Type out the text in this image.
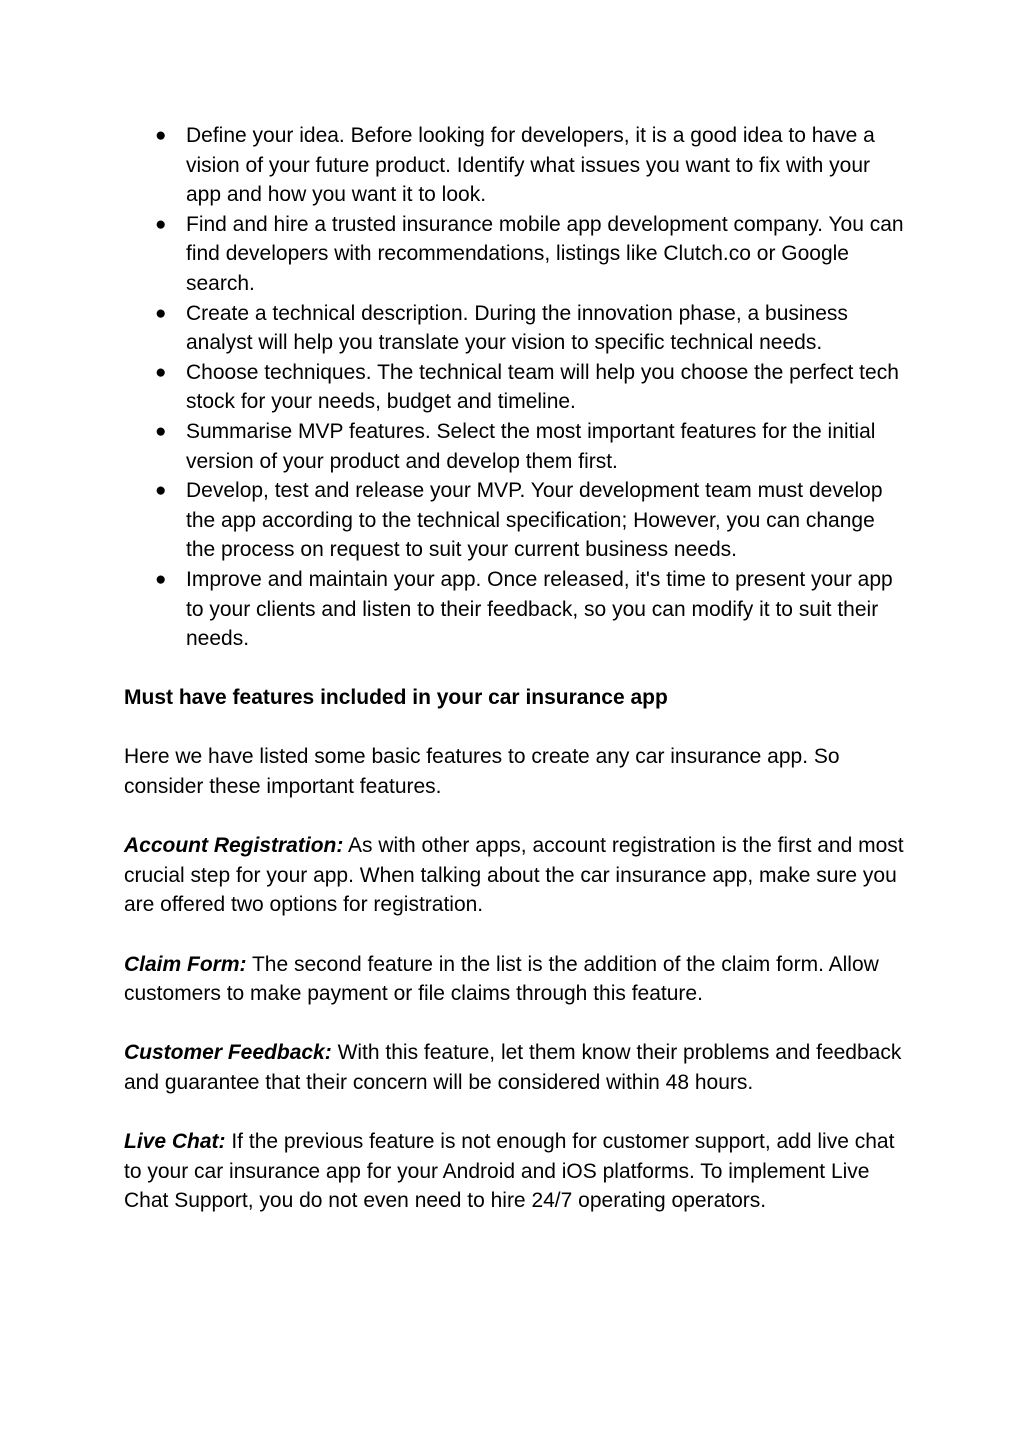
● Define your idea. Before looking for developers, it is a good idea to have a vision of your future product. Identify what issues you want to fix with your app and how you want it to look.
● Find and hire a trusted insurance mobile app development company. You can find developers with recommendations, listings like Clutch.co or Google search.
● Create a technical description. During the innovation phase, a business analyst will help you translate your vision to specific technical needs.
● Choose techniques. The technical team will help you choose the perfect tech stock for your needs, budget and timeline.
● Summarise MVP features. Select the most important features for the initial version of your product and develop them first.
● Develop, test and release your MVP. Your development team must develop the app according to the technical specification; However, you can change the process on request to suit your current business needs.
● Improve and maintain your app. Once released, it's time to present your app to your clients and listen to their feedback, so you can modify it to suit their needs.
Must have features included in your car insurance app

Here we have listed some basic features to create any car insurance app. So consider these important features.

Account Registration: As with other apps, account registration is the first and most crucial step for your app. When talking about the car insurance app, make sure you are offered two options for registration.

Claim Form: The second feature in the list is the addition of the claim form. Allow customers to make payment or file claims through this feature.

Customer Feedback: With this feature, let them know their problems and feedback and guarantee that their concern will be considered within 48 hours.

Live Chat: If the previous feature is not enough for customer support, add live chat to your car insurance app for your Android and iOS platforms. To implement Live Chat Support, you do not even need to hire 24/7 operating operators.
